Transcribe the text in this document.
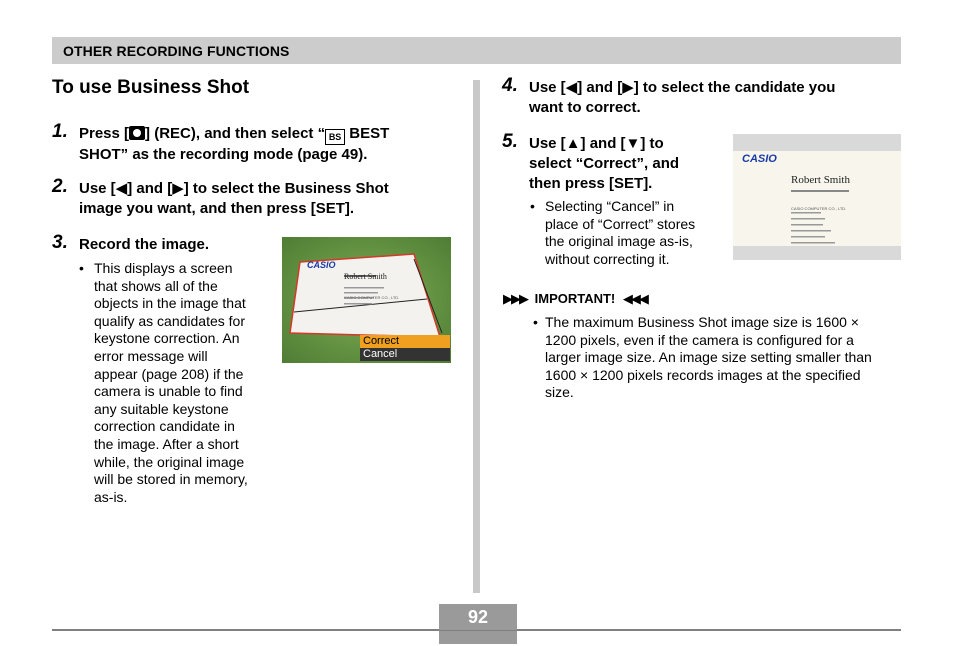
OTHER RECORDING FUNCTIONS
To use Business Shot
1. Press [ ] (REC), and then select “ BS BEST
SHOT” as the recording mode (page 49).
2. Use [◀] and [▶] to select the Business Shot
image you want, and then press [SET].
3. Record the image.
• This displays a screen
that shows all of the
objects in the image that
qualify as candidates for
keystone correction. An
error message will
appear (page 208) if the
camera is unable to find
any suitable keystone
correction candidate in
the image. After a short
while, the original image
will be stored in memory,
as-is.
CASIO
Robert Smith
CASIO COMPUTER CO., LTD.
Correct
Cancel
4. Use [◀] and [▶] to select the candidate you
want to correct.
5. Use [▲] and [▼] to
select “Correct”, and
then press [SET].
• Selecting “Cancel” in
place of “Correct” stores
the original image as-is,
without correcting it.
CASIO
Robert Smith
CASIO COMPUTER CO., LTD.
▶▶▶ IMPORTANT! ◀◀◀
• The maximum Business Shot image size is 1600 ×
1200 pixels, even if the camera is configured for a
larger image size. An image size setting smaller than
1600 × 1200 pixels records images at the specified
size.
92
